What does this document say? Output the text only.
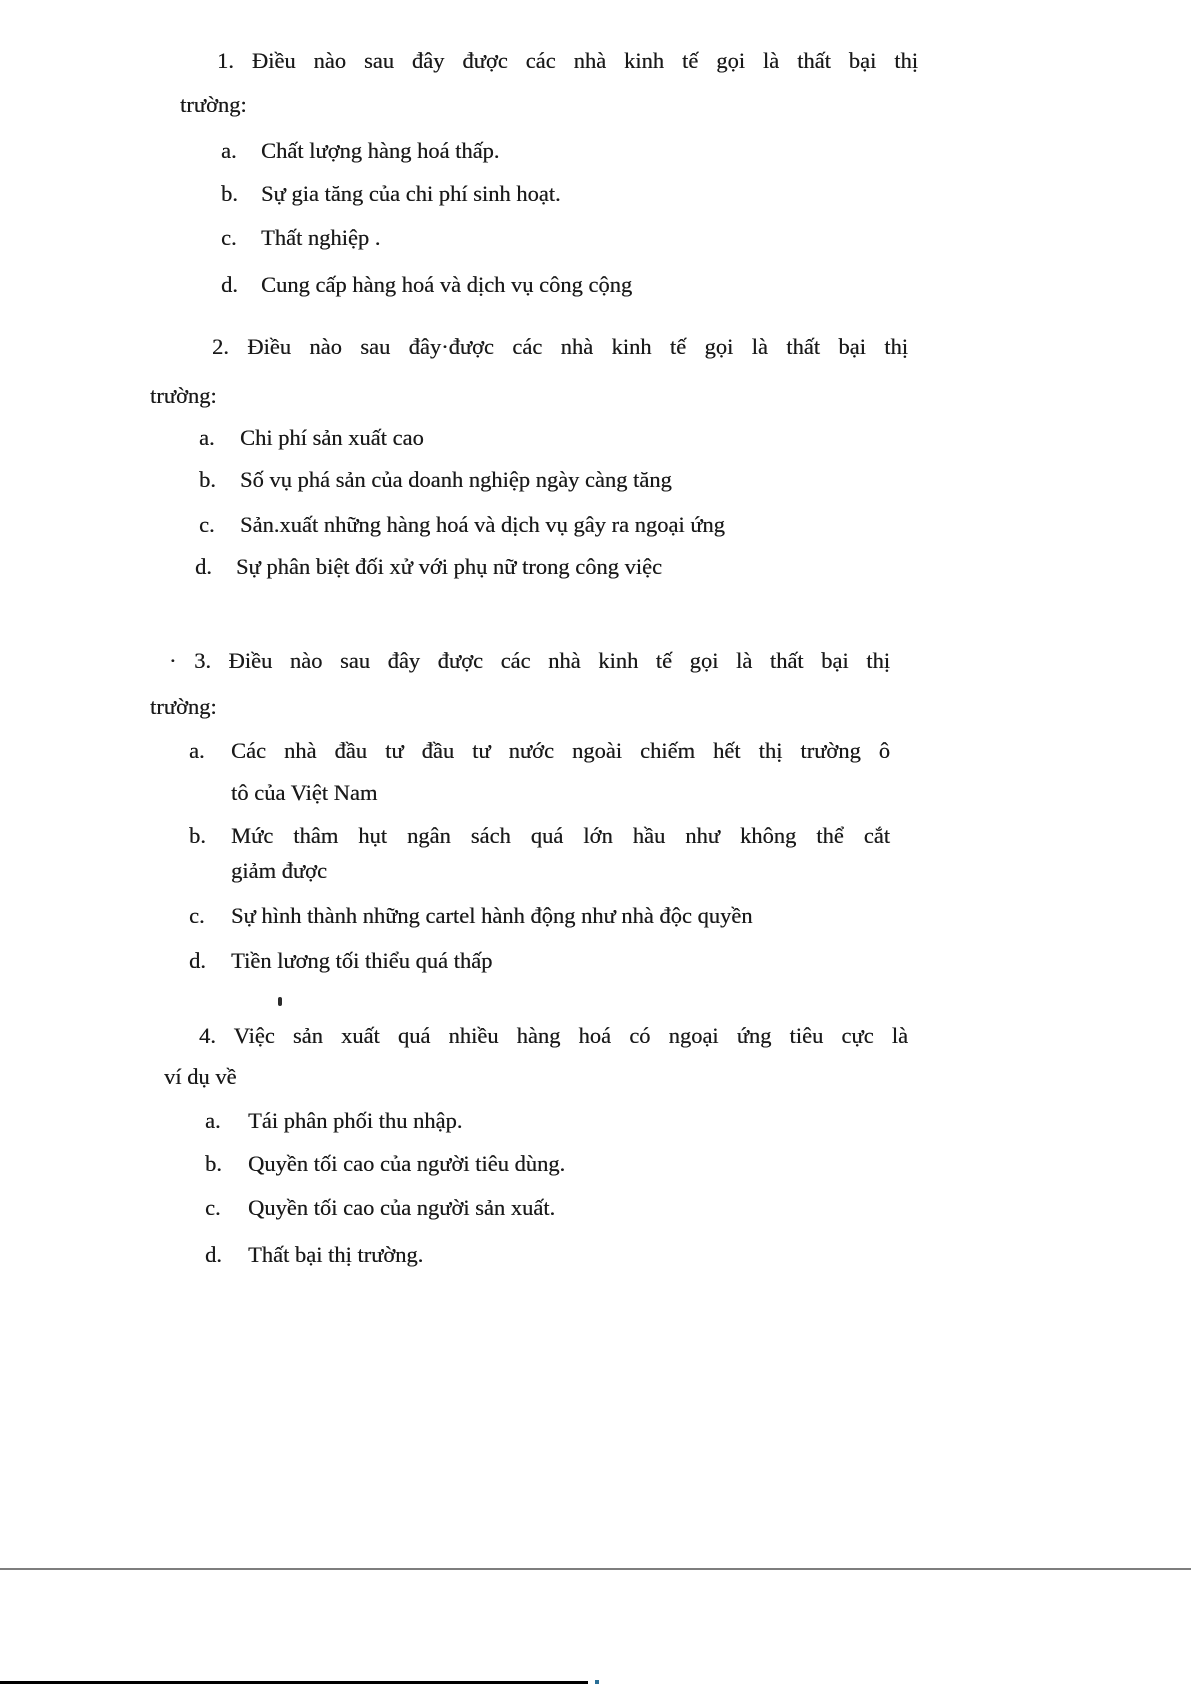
1. Điều nào sau đây được các nhà kinh tế gọi là thất bại thị
trường:
a. Chất lượng hàng hoá thấp.
b. Sự gia tăng của chi phí sinh hoạt.
c. Thất nghiệp .
d. Cung cấp hàng hoá và dịch vụ công cộng
2. Điều nào sau đây·được các nhà kinh tế gọi là thất bại thị
trường:
a. Chi phí sản xuất cao
b. Số vụ phá sản của doanh nghiệp ngày càng tăng
c. Sản.xuất những hàng hoá và dịch vụ gây ra ngoại ứng
d. Sự phân biệt đối xử với phụ nữ trong công việc
· 3. Điều nào sau đây được các nhà kinh tế gọi là thất bại thị
trường:
a. Các nhà đầu tư đầu tư nước ngoài chiếm hết thị trường ô
tô của Việt Nam
b. Mức thâm hụt ngân sách quá lớn hầu như không thể cắt
giảm được
c. Sự hình thành những cartel hành động như nhà độc quyền
d. Tiền lương tối thiểu quá thấp
4. Việc sản xuất quá nhiều hàng hoá có ngoại ứng tiêu cực là
ví dụ về
a. Tái phân phối thu nhập.
b. Quyền tối cao của người tiêu dùng.
c. Quyền tối cao của người sản xuất.
d. Thất bại thị trường.
